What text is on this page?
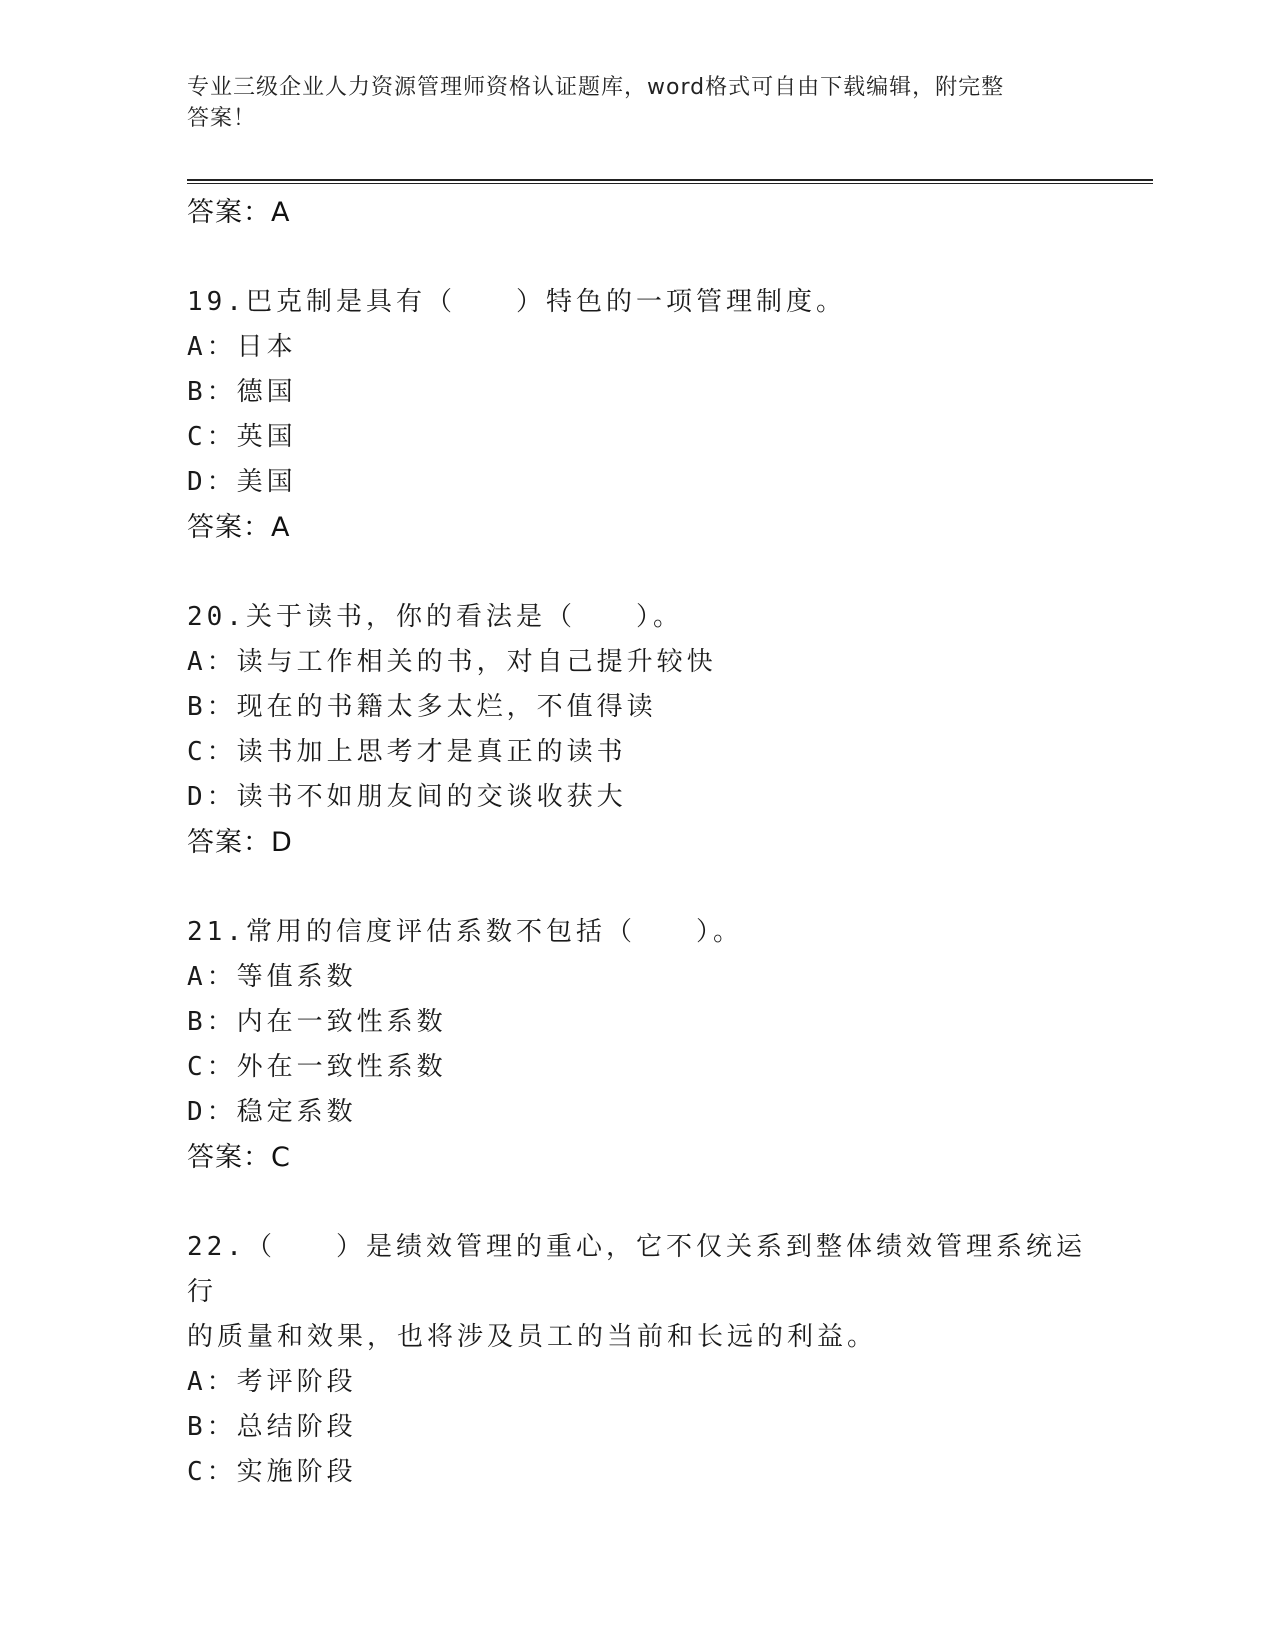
专业三级企业人力资源管理师资格认证题库，word格式可自由下载编辑，附完整
答案！
答案：A
19.巴克制是具有（　　）特色的一项管理制度。
A：日本
B：德国
C：英国
D：美国
答案：A
20.关于读书，你的看法是（　　）。
A：读与工作相关的书，对自己提升较快
B：现在的书籍太多太烂，不值得读
C：读书加上思考才是真正的读书
D：读书不如朋友间的交谈收获大
答案：D
21.常用的信度评估系数不包括（　　）。
A：等值系数
B：内在一致性系数
C：外在一致性系数
D：稳定系数
答案：C
22.（　　）是绩效管理的重心，它不仅关系到整体绩效管理系统运行
的质量和效果，也将涉及员工的当前和长远的利益。
A：考评阶段
B：总结阶段
C：实施阶段
